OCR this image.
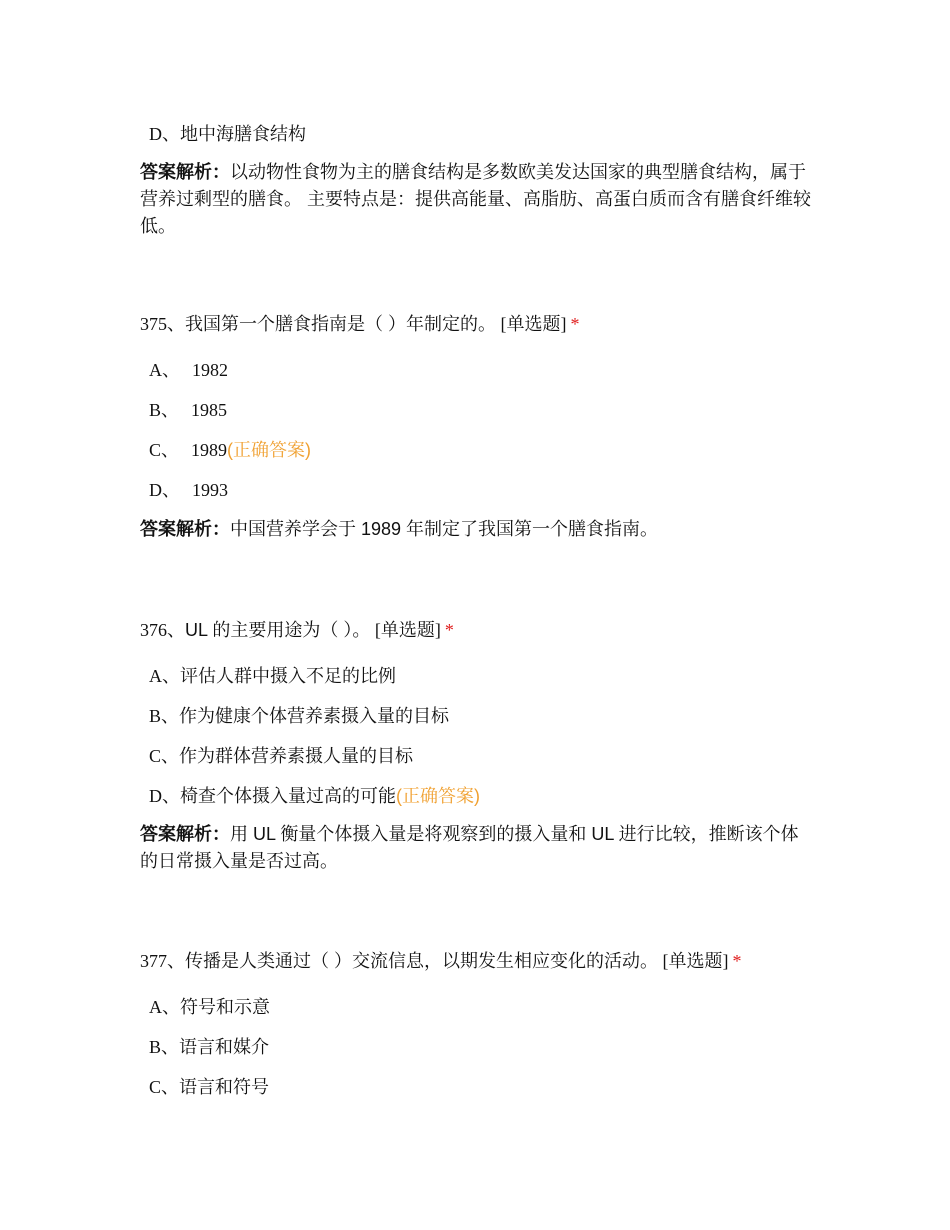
D、地中海膳食结构
答案解析：以动物性食物为主的膳食结构是多数欧美发达国家的典型膳食结构，属于营养过剩型的膳食。 主要特点是：提供高能量、高脂肪、高蛋白质而含有膳食纤维较低。
375、我国第一个膳食指南是（ ）年制定的。 [单选题] *
A、 1982
B、 1985
C、 1989(正确答案)
D、 1993
答案解析：中国营养学会于 1989 年制定了我国第一个膳食指南。
376、UL 的主要用途为（ ）。 [单选题] *
A、评估人群中摄入不足的比例
B、作为健康个体营养素摄入量的目标
C、作为群体营养素摄人量的目标
D、椅查个体摄入量过高的可能(正确答案)
答案解析：用 UL 衡量个体摄入量是将观察到的摄入量和 UL 进行比较，推断该个体的日常摄入量是否过高。
377、传播是人类通过（ ）交流信息，以期发生相应变化的活动。 [单选题] *
A、符号和示意
B、语言和媒介
C、语言和符号
